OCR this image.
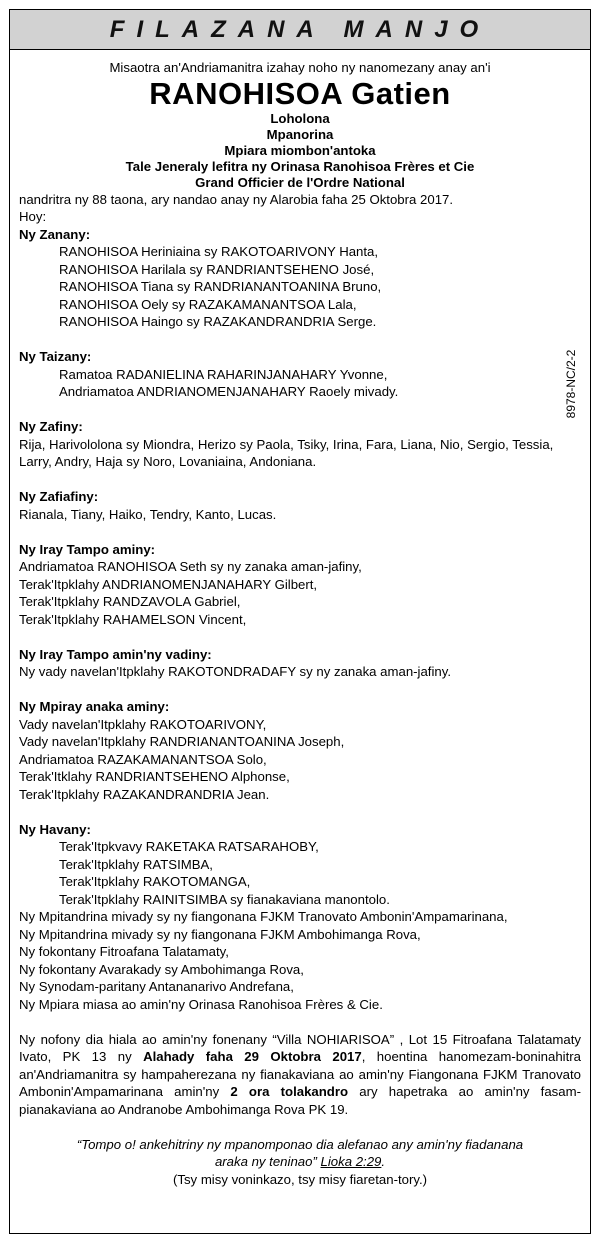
FILAZANA MANJO
Misaotra an'Andriamanitra izahay noho ny nanomezany anay an'i
RANOHISOA Gatien
Loholona
Mpanorina
Mpiara miombon'antoka
Tale Jeneraly lefitra ny Orinasa Ranohisoa Frères et Cie
Grand Officier de l'Ordre National
nandritra ny 88 taona, ary nandao anay ny Alarobia faha 25 Oktobra 2017.
Hoy:
Ny Zanany:
RANOHISOA Heriniaina sy RAKOTOARIVONY Hanta,
RANOHISOA Harilala sy RANDRIANTSEHENO José,
RANOHISOA Tiana sy RANDRIANANTOANINA Bruno,
RANOHISOA Oely sy RAZAKAMANANTSOA Lala,
RANOHISOA Haingo sy RAZAKANDRANDRIA Serge.
Ny Taizany:
Ramatoa RADANIELINA RAHARINJANAHARY Yvonne,
Andriamatoa ANDRIANOMENJANAHARY Raoely mivady.
Ny Zafiny:
Rija, Harivololona sy Miondra, Herizo sy Paola, Tsiky, Irina, Fara, Liana, Nio, Sergio, Tessia,
Larry, Andry, Haja sy Noro, Lovaniaina, Andoniana.
Ny Zafiafiny:
Rianala, Tiany, Haiko, Tendry, Kanto, Lucas.
Ny Iray Tampo aminy:
Andriamatoa RANOHISOA Seth sy ny zanaka aman-jafiny,
Terak'Itpklahy ANDRIANOMENJANAHARY Gilbert,
Terak'Itpklahy RANDZAVOLA Gabriel,
Terak'Itpklahy RAHAMELSON Vincent,
Ny Iray Tampo amin'ny vadiny:
Ny vady navelan'Itpklahy RAKOTONDRADAFY sy ny zanaka aman-jafiny.
Ny Mpiray anaka aminy:
Vady navelan'Itpklahy RAKOTOARIVONY,
Vady navelan'Itpklahy RANDRIANANTOANINA Joseph,
Andriamatoa RAZAKAMANANTSOA Solo,
Terak'Itklahy RANDRIANTSEHENO Alphonse,
Terak'Itpklahy RAZAKANDRANDRIA Jean.
Ny Havany:
Terak'Itpkvavy RAKETAKA RATSARAHOBY,
Terak'Itpklahy RATSIMBA,
Terak'Itpklahy RAKOTOMANGA,
Terak'Itpklahy RAINITSIMBA sy fianakaviana manontolo.
Ny Mpitandrina mivady sy ny fiangonana FJKM Tranovato Ambonin'Ampamarinana,
Ny Mpitandrina mivady sy ny fiangonana FJKM Ambohimanga Rova,
Ny fokontany Fitroafana Talatamaty,
Ny fokontany Avarakady sy Ambohimanga Rova,
Ny Synodam-paritany Antananarivo Andrefana,
Ny Mpiara miasa ao amin'ny Orinasa Ranohisoa Frères & Cie.
Ny nofony dia hiala ao amin'ny fonenany “Villa NOHIARISOA” , Lot 15 Fitroafana Talatamaty Ivato, PK 13 ny Alahady faha 29 Oktobra 2017, hoentina hanomezam-boninahitra an'Andriamanitra sy hampaherezana ny fianakaviana ao amin'ny Fiangonana FJKM Tranovato Ambonin'Ampamarinana amin'ny 2 ora tolakandro ary hapetraka ao amin'ny fasam-pianakaviana ao Andranobe Ambohimanga Rova PK 19.
“Tompo o! ankehitriny ny mpanomponao dia alefanao any amin'ny fiadanana araka ny teninao” Lioka 2:29.
(Tsy misy voninkazo, tsy misy fiaretan-tory.)
8978-NC/2-2
